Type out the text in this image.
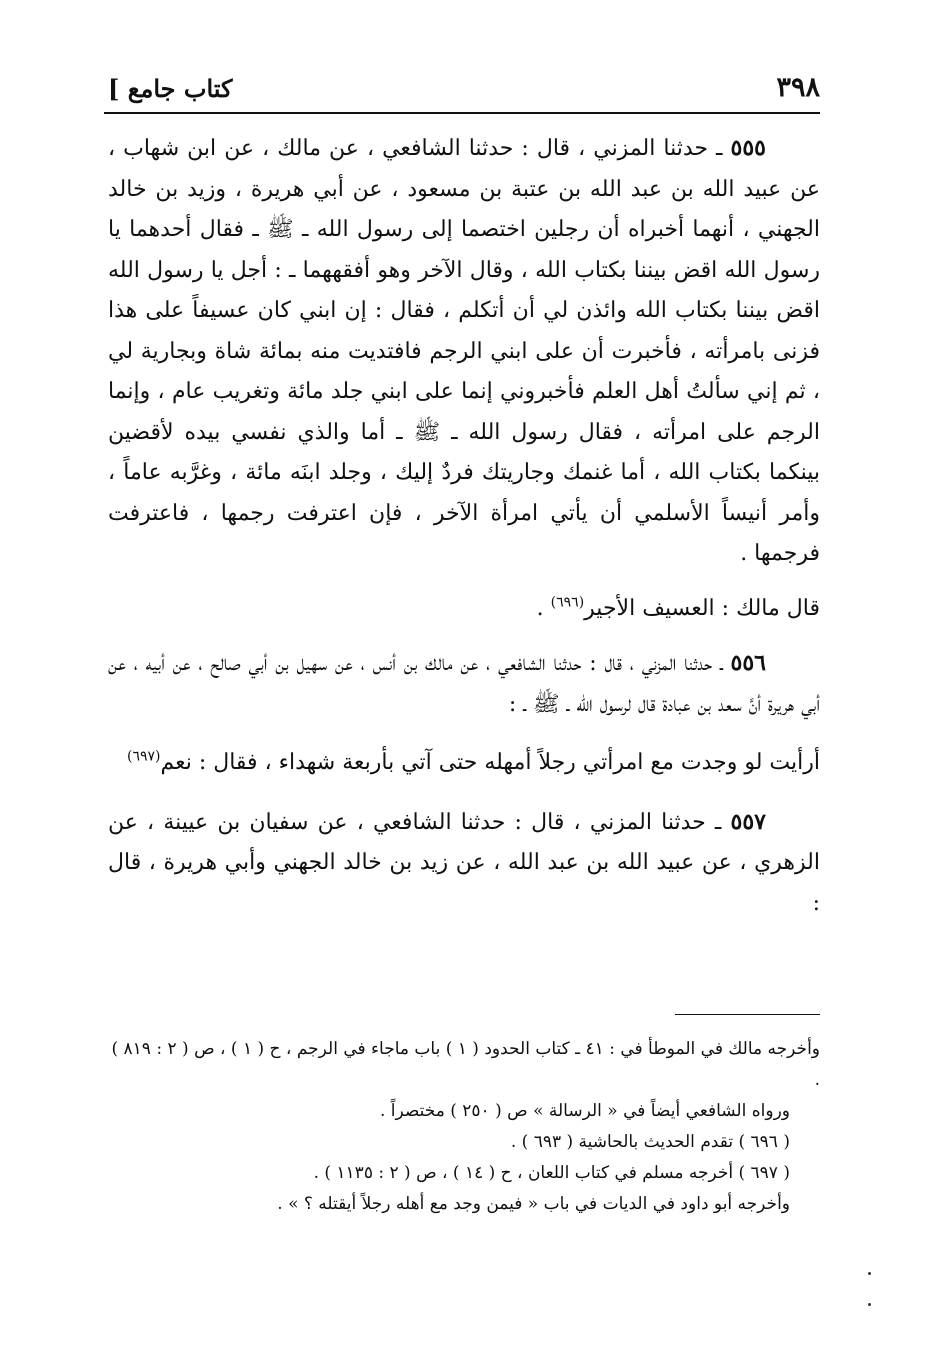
٣٩٨
كتاب جامع ]

٥٥٥ ـ حدثنا المزني ، قال : حدثنا الشافعي ، عن مالك ، عن ابن شهاب ، عن عبيد الله بن عبد الله بن عتبة بن مسعود ، عن أبي هريرة ، وزيد بن خالد الجهني ، أنهما أخبراه أن رجلين اختصما إلى رسول الله ـ ﷺ ـ فقال أحدهما يا رسول الله اقض بيننا بكتاب الله ، وقال الآخر وهو أفقههما ـ : أجل يا رسول الله اقض بيننا بكتاب الله وائذن لي أن أتكلم ، فقال : إن ابني كان عسيفاً على هذا فزنى بامرأته ، فأخبرت أن على ابني الرجم فافتديت منه بمائة شاة وبجارية لي ، ثم إني سألتُ أهل العلم فأخبروني إنما على ابني جلد مائة وتغريب عام ، وإنما الرجم على امرأته ، فقال رسول الله ـ ﷺ ـ أما والذي نفسي بيده لأقضين بينكما بكتاب الله ، أما غنمك وجاريتك فردٌ إليك ، وجلد ابنَه مائة ، وغرَّبه عاماً ، وأمر أنيساً الأسلمي أن يأتي امرأة الآخر ، فإن اعترفت رجمها ، فاعترفت فرجمها .

قال مالك : العسيف الأجير$^{(٦٩٦)}$ .

٥٥٦ ـ حدثنا المزني ، قال : حدثنا الشافعي ، عن مالك بن أنس ، عن سهيل بن أبي صالح ، عن أبيه ، عن أبي هريرة أنَّ سعد بن عبادة قال لرسول الله ـ ﷺ ـ :

أرأيت لو وجدت مع امرأتي رجلاً أمهله حتى آتي بأربعة شهداء ، فقال : نعم$^{(٦٩٧)}$

٥٥٧ ـ حدثنا المزني ، قال : حدثنا الشافعي ، عن سفيان بن عيينة ، عن الزهري ، عن عبيد الله بن عبد الله ، عن زيد بن خالد الجهني وأبي هريرة ، قال :

وأخرجه مالك في الموطأ في : ٤١ ـ كتاب الحدود ( ١ ) باب ماجاء في الرجم ، ح ( ١ ) ، ص ( ٢ : ٨١٩ ) .

ورواه الشافعي أيضاً في « الرسالة » ص ( ٢٥٠ ) مختصراً .

( ٦٩٦ ) تقدم الحديث بالحاشية ( ٦٩٣ ) .

( ٦٩٧ ) أخرجه مسلم في كتاب اللعان ، ح ( ١٤ ) ، ص ( ٢ : ١١٣٥ ) .

وأخرجه أبو داود في الديات في باب « فيمن وجد مع أهله رجلاً أيقتله ؟ » .
